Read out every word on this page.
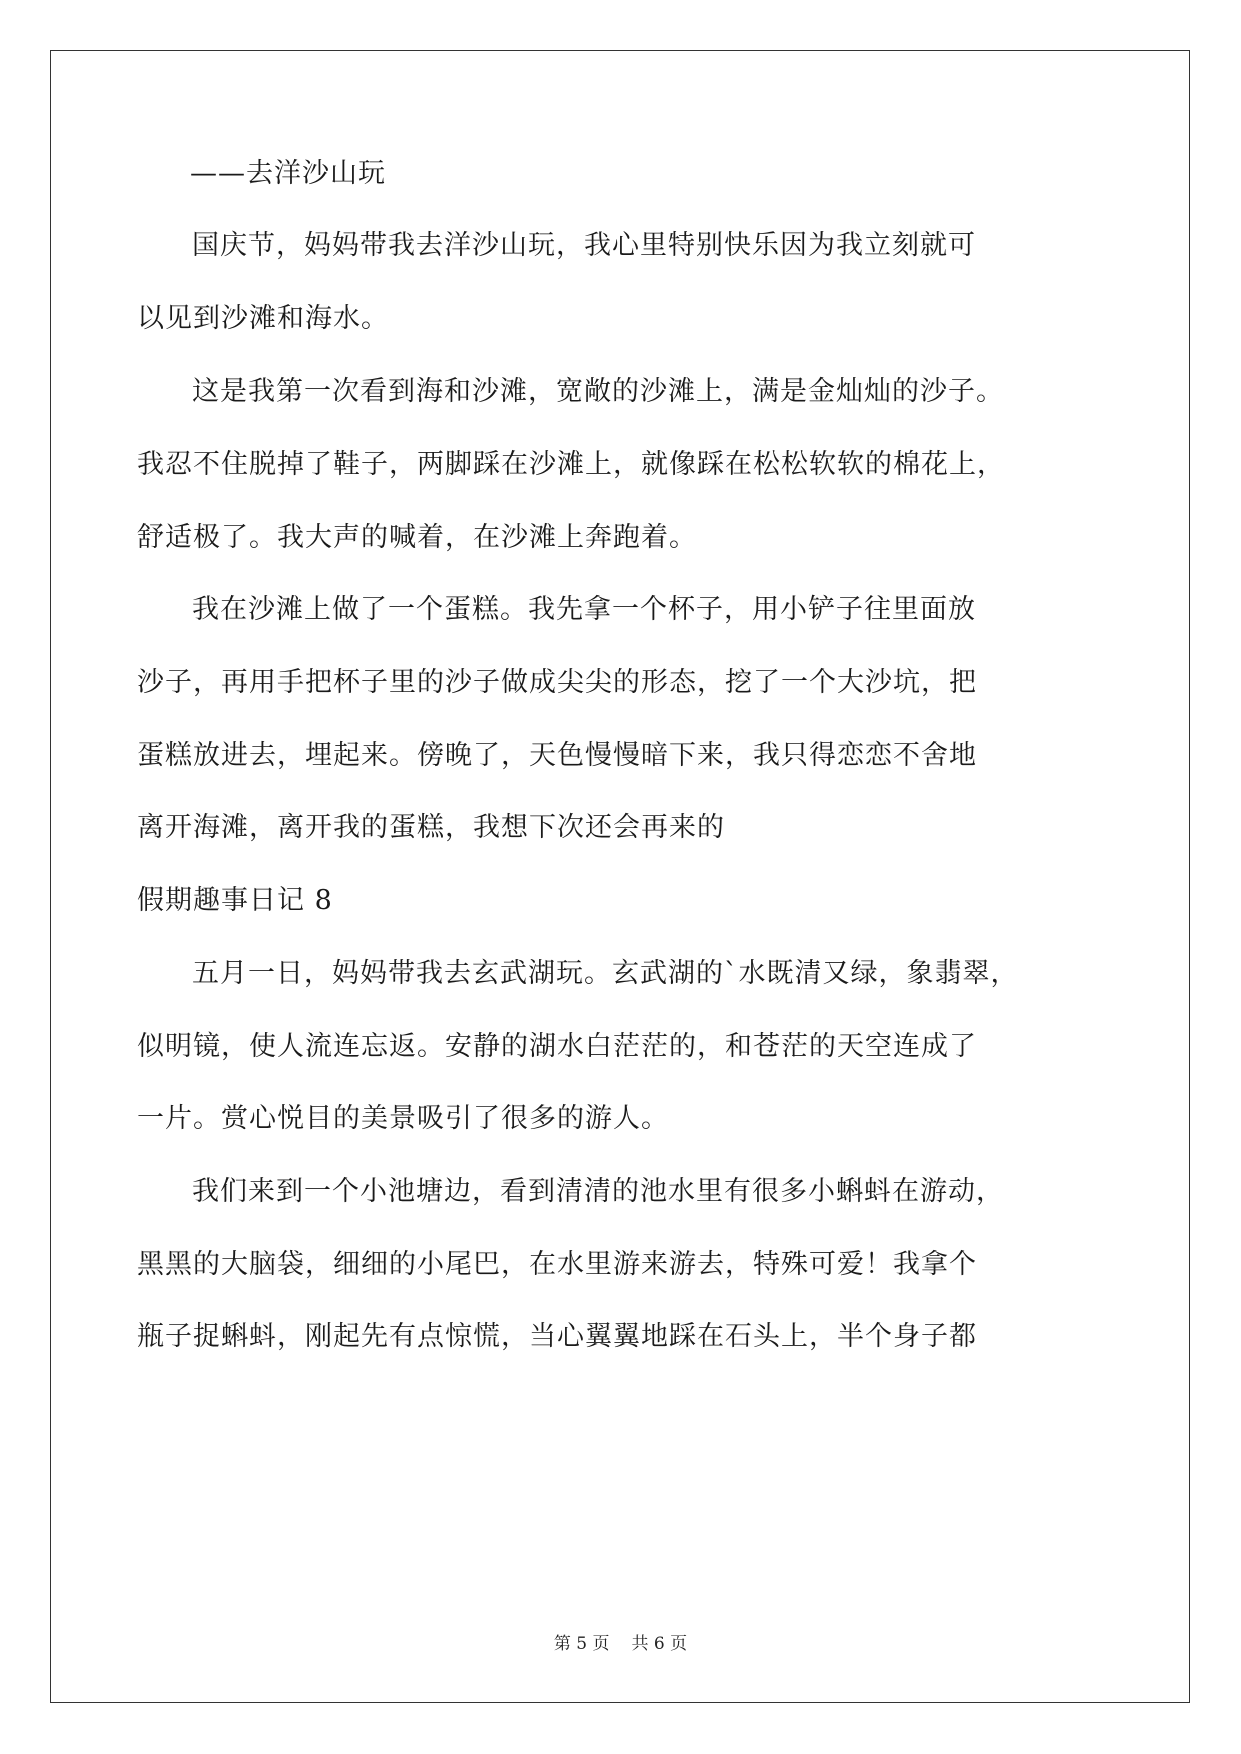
——去洋沙山玩
国庆节，妈妈带我去洋沙山玩，我心里特别快乐因为我立刻就可
以见到沙滩和海水。
这是我第一次看到海和沙滩，宽敞的沙滩上，满是金灿灿的沙子。
我忍不住脱掉了鞋子，两脚踩在沙滩上，就像踩在松松软软的棉花上，
舒适极了。我大声的喊着，在沙滩上奔跑着。
我在沙滩上做了一个蛋糕。我先拿一个杯子，用小铲子往里面放
沙子，再用手把杯子里的沙子做成尖尖的形态，挖了一个大沙坑，把
蛋糕放进去，埋起来。傍晚了，天色慢慢暗下来，我只得恋恋不舍地
离开海滩，离开我的蛋糕，我想下次还会再来的
假期趣事日记 8
五月一日，妈妈带我去玄武湖玩。玄武湖的`水既清又绿，象翡翠，
似明镜，使人流连忘返。安静的湖水白茫茫的，和苍茫的天空连成了
一片。赏心悦目的美景吸引了很多的游人。
我们来到一个小池塘边，看到清清的池水里有很多小蝌蚪在游动，
黑黑的大脑袋，细细的小尾巴，在水里游来游去，特殊可爱！我拿个
瓶子捉蝌蚪，刚起先有点惊慌，当心翼翼地踩在石头上，半个身子都
第 5 页 共 6 页
